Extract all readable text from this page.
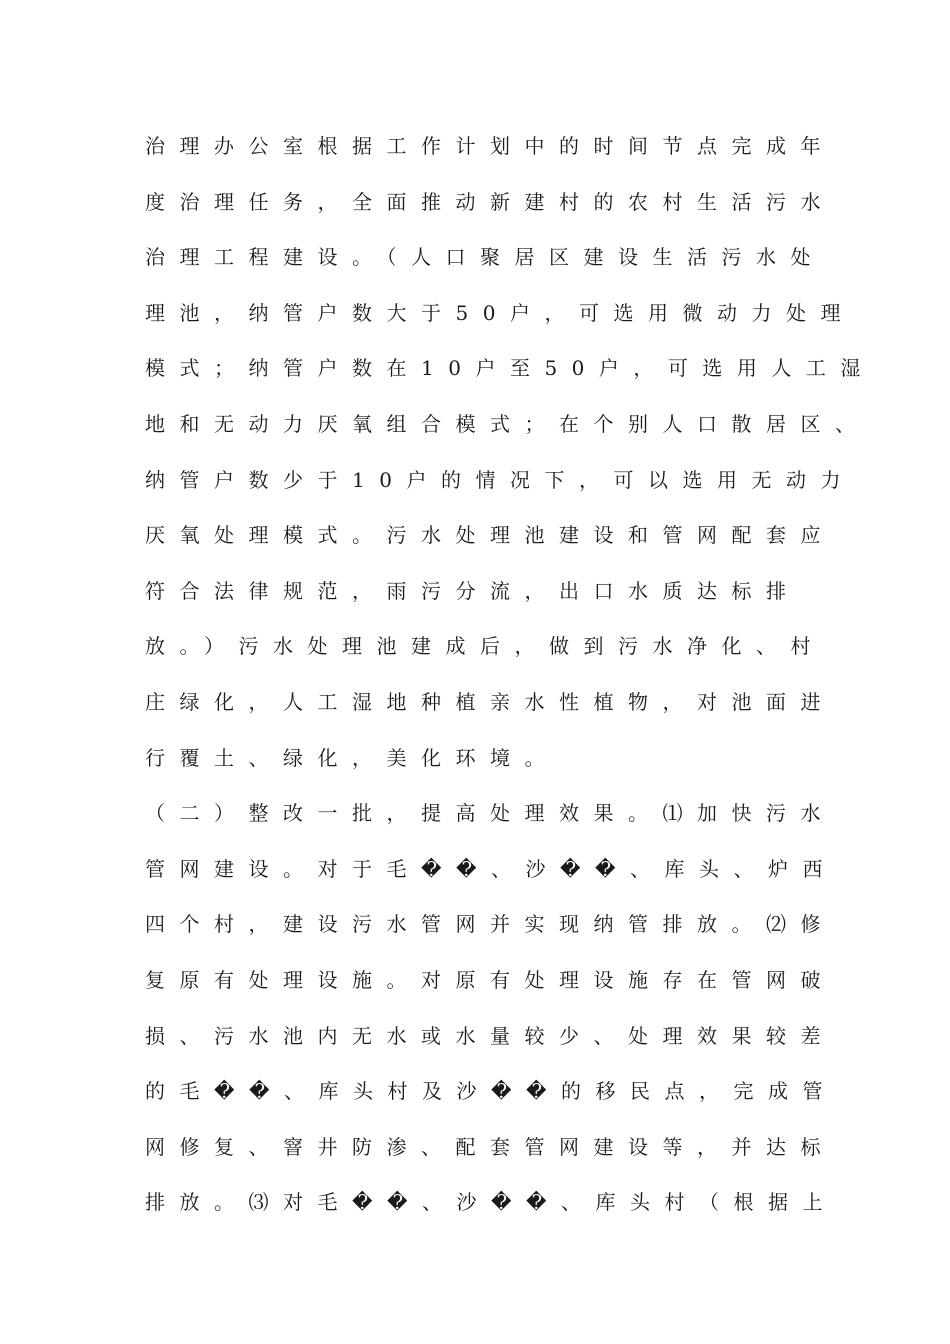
治理办公室根据工作计划中的时间节点完成年
度治理任务，全面推动新建村的农村生活污水
治理工程建设。（人口聚居区建设生活污水处
理池，纳管户数大于50户，可选用微动力处理
模式；纳管户数在10户至50户，可选用人工湿
地和无动力厌氧组合模式；在个别人口散居区、
纳管户数少于10户的情况下，可以选用无动力
厌氧处理模式。污水处理池建设和管网配套应
符合法律规范，雨污分流，出口水质达标排
放。）污水处理池建成后，做到污水净化、村
庄绿化，人工湿地种植亲水性植物，对池面进
行覆土、绿化，美化环境。
（二）整改一批，提高处理效果。⑴加快污水
管网建设。对于毛��、沙��、库头、炉西
四个村，建设污水管网并实现纳管排放。⑵修
复原有处理设施。对原有处理设施存在管网破
损、污水池内无水或水量较少、处理效果较差
的毛��、库头村及沙��的移民点，完成管
网修复、窨井防渗、配套管网建设等，并达标
排放。⑶对毛��、沙��、库头村（根据上
